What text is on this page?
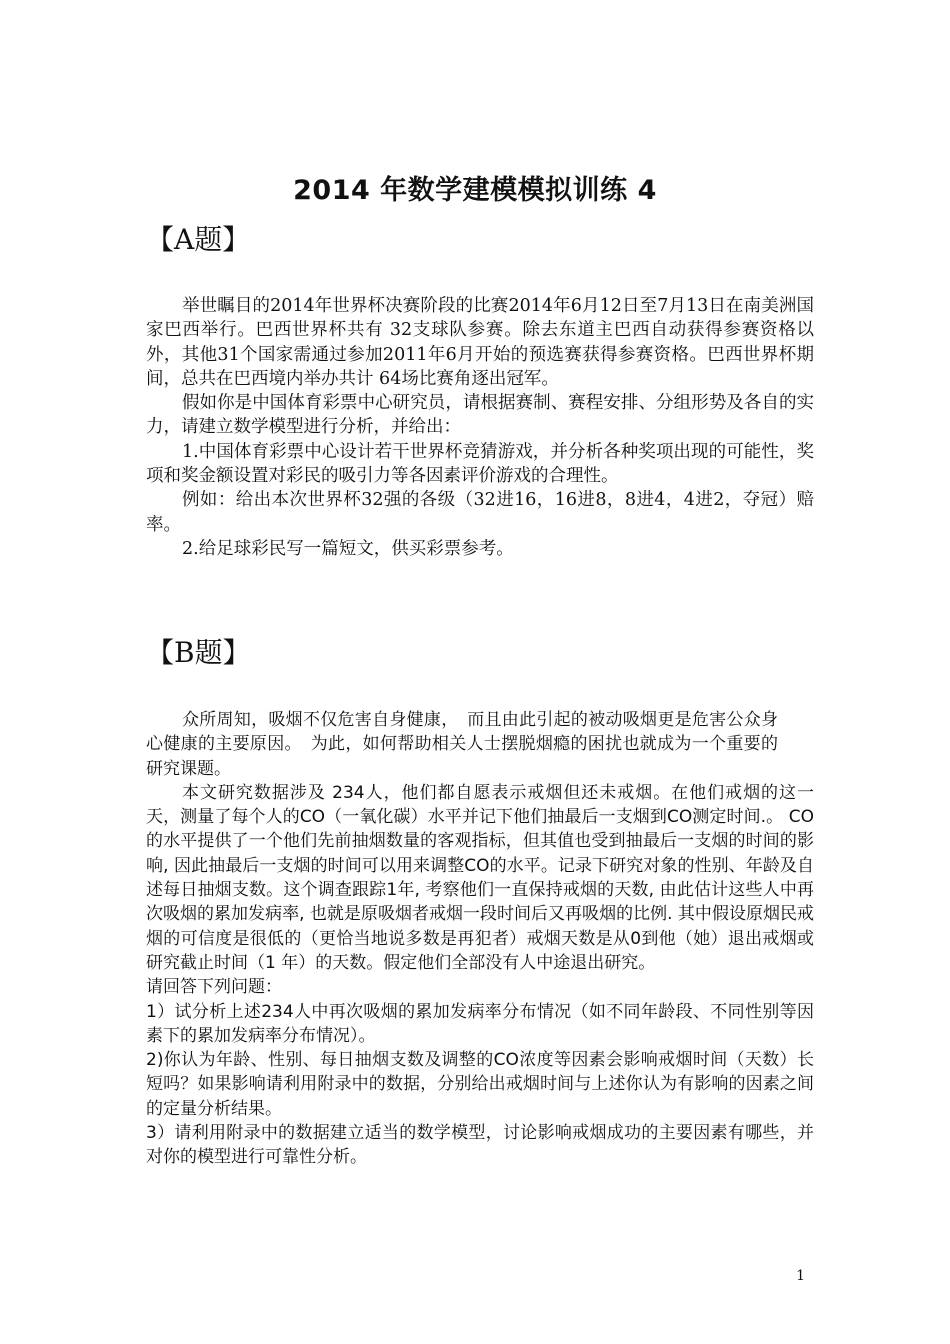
2014 年数学建模模拟训练 4
【A题】

举世瞩目的2014年世界杯决赛阶段的比赛2014年6月12日至7月13日在南美洲国家巴西举行。巴西世界杯共有 32支球队参赛。除去东道主巴西自动获得参赛资格以外，其他31个国家需通过参加2011年6月开始的预选赛获得参赛资格。巴西世界杯期间，总共在巴西境内举办共计 64场比赛角逐出冠军。

假如你是中国体育彩票中心研究员，请根据赛制、赛程安排、分组形势及各自的实力，请建立数学模型进行分析，并给出：

1.中国体育彩票中心设计若干世界杯竞猜游戏，并分析各种奖项出现的可能性，奖项和奖金额设置对彩民的吸引力等各因素评价游戏的合理性。

例如：给出本次世界杯32强的各级（32进16，16进8，8进4，4进2，夺冠）赔率。

2.给足球彩民写一篇短文，供买彩票参考。

【B题】

众所周知，吸烟不仅危害自身健康，　而且由此引起的被动吸烟更是危害公众身心健康的主要原因。　为此，如何帮助相关人士摆脱烟瘾的困扰也就成为一个重要的研究课题。

本文研究数据涉及 234人，他们都自愿表示戒烟但还未戒烟。在他们戒烟的这一天，测量了每个人的CO（一氧化碳）水平并记下他们抽最后一支烟到CO测定时间.。 CO的水平提供了一个他们先前抽烟数量的客观指标，但其值也受到抽最后一支烟的时间的影响, 因此抽最后一支烟的时间可以用来调整CO的水平。记录下研究对象的性别、年龄及自述每日抽烟支数。这个调查跟踪1年, 考察他们一直保持戒烟的天数, 由此估计这些人中再次吸烟的累加发病率, 也就是原吸烟者戒烟一段时间后又再吸烟的比例. 其中假设原烟民戒烟的可信度是很低的（更恰当地说多数是再犯者）戒烟天数是从0到他（她）退出戒烟或研究截止时间（1 年）的天数。假定他们全部没有人中途退出研究。

请回答下列问题：

1）试分析上述234人中再次吸烟的累加发病率分布情况（如不同年龄段、不同性别等因素下的累加发病率分布情况）。

2)你认为年龄、性别、每日抽烟支数及调整的CO浓度等因素会影响戒烟时间（天数）长短吗？如果影响请利用附录中的数据，分别给出戒烟时间与上述你认为有影响的因素之间的定量分析结果。

3）请利用附录中的数据建立适当的数学模型，讨论影响戒烟成功的主要因素有哪些，并对你的模型进行可靠性分析。

1
